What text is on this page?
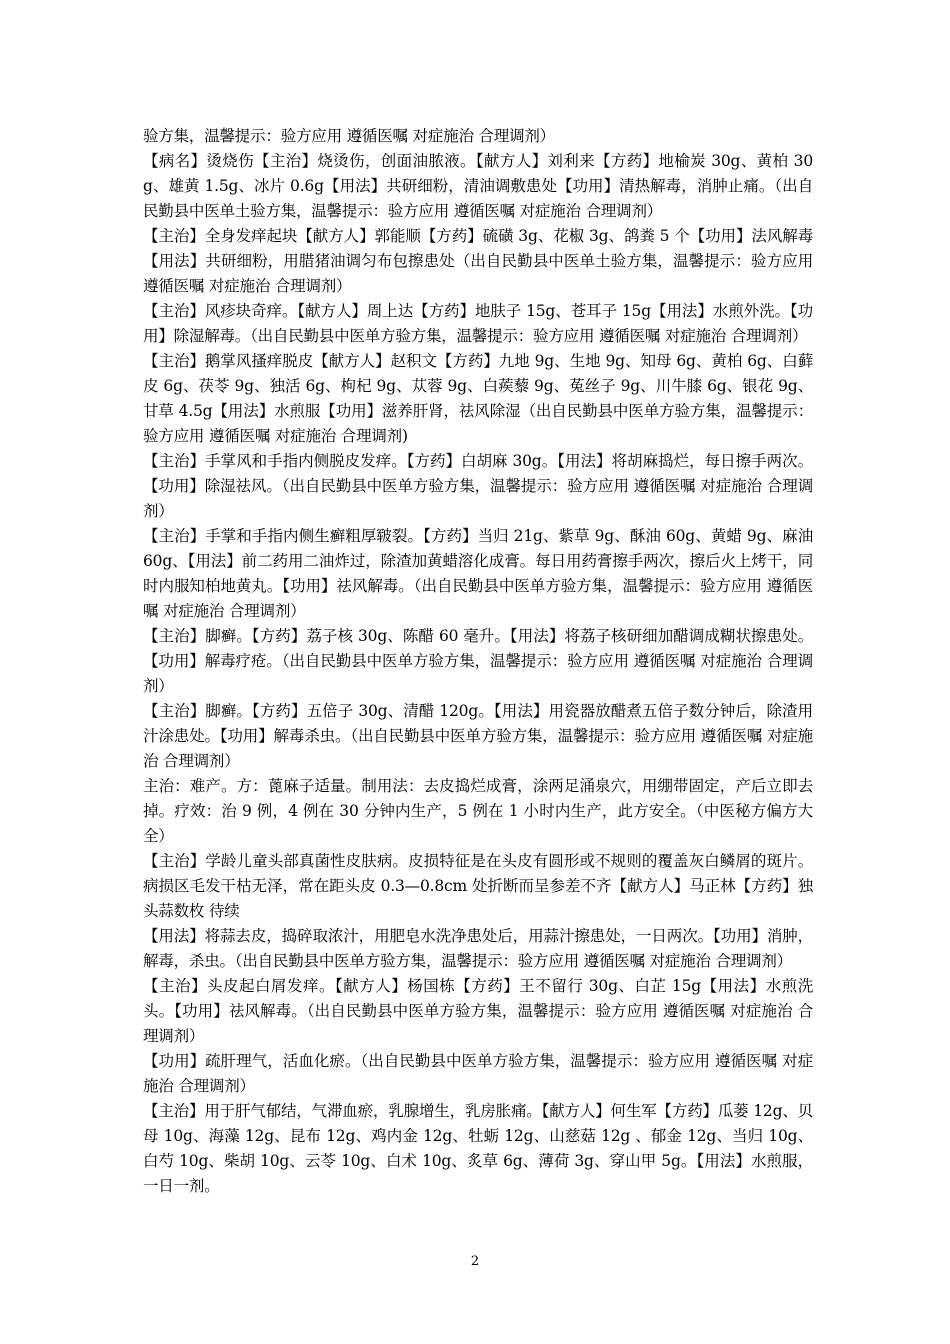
验方集，温馨提示：验方应用 遵循医嘱 对症施治 合理调剂）

【病名】烫烧伤【主治】烧烫伤，创面油脓液。【献方人】刘利来【方药】地榆炭 30g、黄柏 30g、雄黄 1.5g、冰片 0.6g【用法】共研细粉，清油调敷患处【功用】清热解毒，消肿止痛。（出自民勤县中医单土验方集，温馨提示：验方应用 遵循医嘱 对症施治 合理调剂）

【主治】全身发痒起块【献方人】郭能顺【方药】硫磺 3g、花椒 3g、鸽粪 5 个【功用】法风解毒【用法】共研细粉，用腊猪油调匀布包擦患处（出自民勤县中医单土验方集，温馨提示：验方应用 遵循医嘱 对症施治 合理调剂）

【主治】风疹块奇痒。【献方人】周上达【方药】地肤子 15g、苍耳子 15g【用法】水煎外洗。【功用】除湿解毒。（出自民勤县中医单方验方集，温馨提示：验方应用 遵循医嘱 对症施治 合理调剂）

【主治】鹅掌风搔痒脱皮【献方人】赵积文【方药】九地 9g、生地 9g、知母 6g、黄柏 6g、白藓皮 6g、茯苓 9g、独活 6g、枸杞 9g、苁蓉 9g、白蒺藜 9g、菟丝子 9g、川牛膝 6g、银花 9g、甘草 4.5g【用法】水煎服【功用】滋养肝肾，祛风除湿（出自民勤县中医单方验方集，温馨提示：验方应用 遵循医嘱 对症施治 合理调剂)

【主治】手掌风和手指内侧脱皮发痒。【方药】白胡麻 30g。【用法】将胡麻捣烂，每日擦手两次。【功用】除湿祛风。（出自民勤县中医单方验方集，温馨提示：验方应用 遵循医嘱 对症施治 合理调剂）

【主治】手掌和手指内侧生癣粗厚皲裂。【方药】当归 21g、紫草 9g、酥油 60g、黄蜡 9g、麻油 60g、【用法】前二药用二油炸过，除渣加黄蜡溶化成膏。每日用药膏擦手两次，擦后火上烤干，同时内服知柏地黄丸。【功用】祛风解毒。（出自民勤县中医单方验方集，温馨提示：验方应用 遵循医嘱 对症施治 合理调剂）

【主治】脚癣。【方药】荔子核 30g、陈醋 60 毫升。【用法】将荔子核研细加醋调成糊状擦患处。【功用】解毒疗疮。（出自民勤县中医单方验方集，温馨提示：验方应用 遵循医嘱 对症施治 合理调剂）

【主治】脚癣。【方药】五倍子 30g、清醋 120g。【用法】用瓷器放醋煮五倍子数分钟后，除渣用汁涂患处。【功用】解毒杀虫。（出自民勤县中医单方验方集，温馨提示：验方应用 遵循医嘱 对症施治 合理调剂）

主治：难产。方：蓖麻子适量。制用法：去皮捣烂成膏，涂两足涌泉穴，用绷带固定，产后立即去掉。疗效：治 9 例，4 例在 30 分钟内生产，5 例在 1 小时内生产，此方安全。（中医秘方偏方大全）

【主治】学龄儿童头部真菌性皮肤病。皮损特征是在头皮有圆形或不规则的覆盖灰白鳞屑的斑片。病损区毛发干枯无泽，常在距头皮 0.3—0.8cm 处折断而呈参差不齐【献方人】马正林【方药】独头蒜数枚 待续

【用法】将蒜去皮，捣碎取浓汁，用肥皂水洗净患处后，用蒜汁擦患处，一日两次。【功用】消肿，解毒，杀虫。（出自民勤县中医单方验方集，温馨提示：验方应用 遵循医嘱 对症施治 合理调剂）

【主治】头皮起白屑发痒。【献方人】杨国栋【方药】王不留行 30g、白芷 15g【用法】水煎洗头。【功用】祛风解毒。（出自民勤县中医单方验方集，温馨提示：验方应用 遵循医嘱 对症施治 合理调剂）

【功用】疏肝理气，活血化瘀。（出自民勤县中医单方验方集，温馨提示：验方应用 遵循医嘱 对症施治 合理调剂）

【主治】用于肝气郁结，气滞血瘀，乳腺增生，乳房胀痛。【献方人】何生军【方药】瓜蒌 12g、贝母 10g、海藻 12g、昆布 12g、鸡内金 12g、牡蛎 12g、山慈菇 12g 、郁金 12g、当归 10g、白芍 10g、柴胡 10g、云苓 10g、白术 10g、炙草 6g、薄荷 3g、穿山甲 5g。【用法】水煎服，一日一剂。

2
